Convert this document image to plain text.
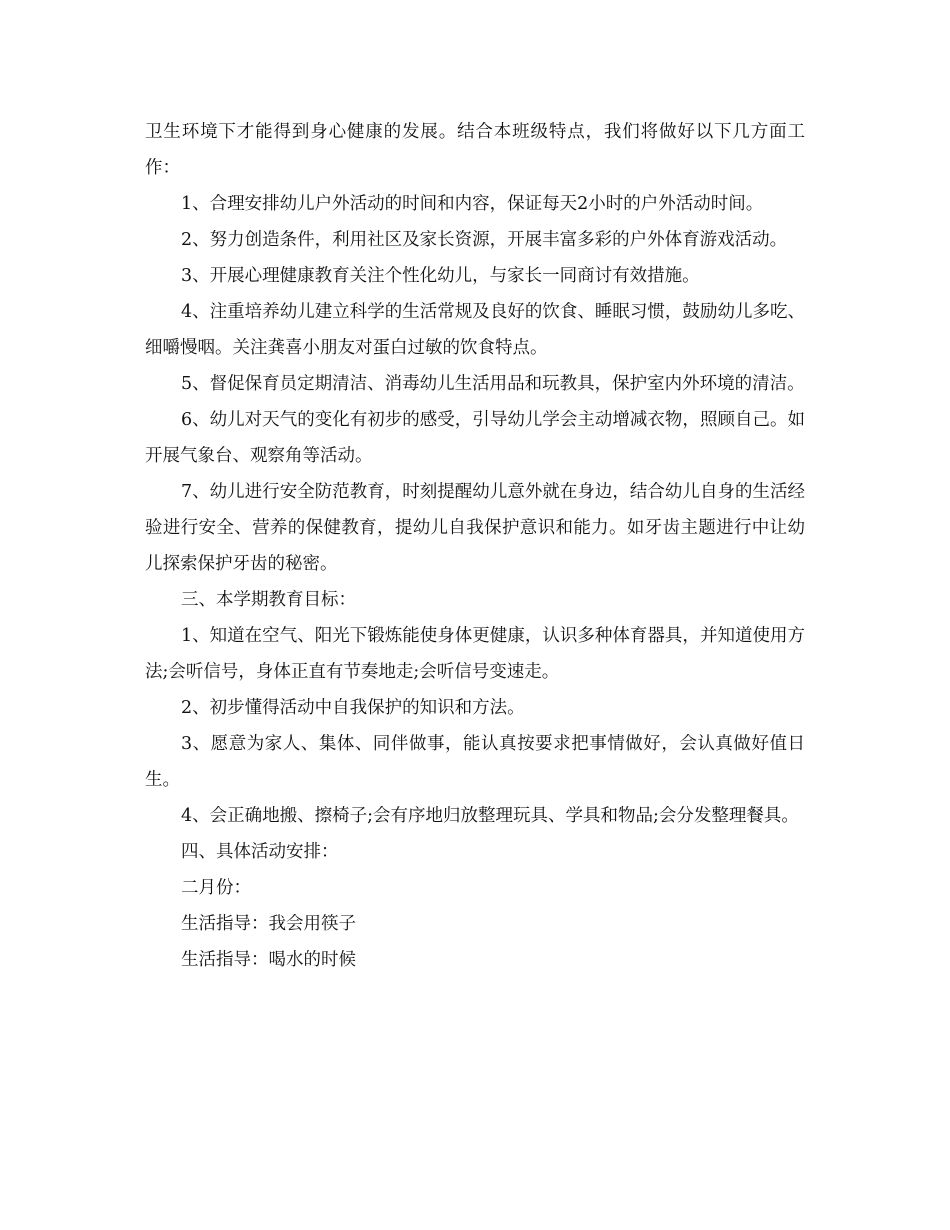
卫生环境下才能得到身心健康的发展。结合本班级特点，我们将做好以下几方面工作：

1、合理安排幼儿户外活动的时间和内容，保证每天2小时的户外活动时间。

2、努力创造条件，利用社区及家长资源，开展丰富多彩的户外体育游戏活动。

3、开展心理健康教育关注个性化幼儿，与家长一同商讨有效措施。

4、注重培养幼儿建立科学的生活常规及良好的饮食、睡眠习惯，鼓励幼儿多吃、细嚼慢咽。关注龚喜小朋友对蛋白过敏的饮食特点。

5、督促保育员定期清洁、消毒幼儿生活用品和玩教具，保护室内外环境的清洁。

6、幼儿对天气的变化有初步的感受，引导幼儿学会主动增减衣物，照顾自己。如开展气象台、观察角等活动。

7、幼儿进行安全防范教育，时刻提醒幼儿意外就在身边，结合幼儿自身的生活经验进行安全、营养的保健教育，提幼儿自我保护意识和能力。如牙齿主题进行中让幼儿探索保护牙齿的秘密。

三、本学期教育目标：

1、知道在空气、阳光下锻炼能使身体更健康，认识多种体育器具，并知道使用方法;会听信号，身体正直有节奏地走;会听信号变速走。

2、初步懂得活动中自我保护的知识和方法。

3、愿意为家人、集体、同伴做事，能认真按要求把事情做好，会认真做好值日生。

4、会正确地搬、擦椅子;会有序地归放整理玩具、学具和物品;会分发整理餐具。

四、具体活动安排：

二月份：

生活指导：我会用筷子

生活指导：喝水的时候
